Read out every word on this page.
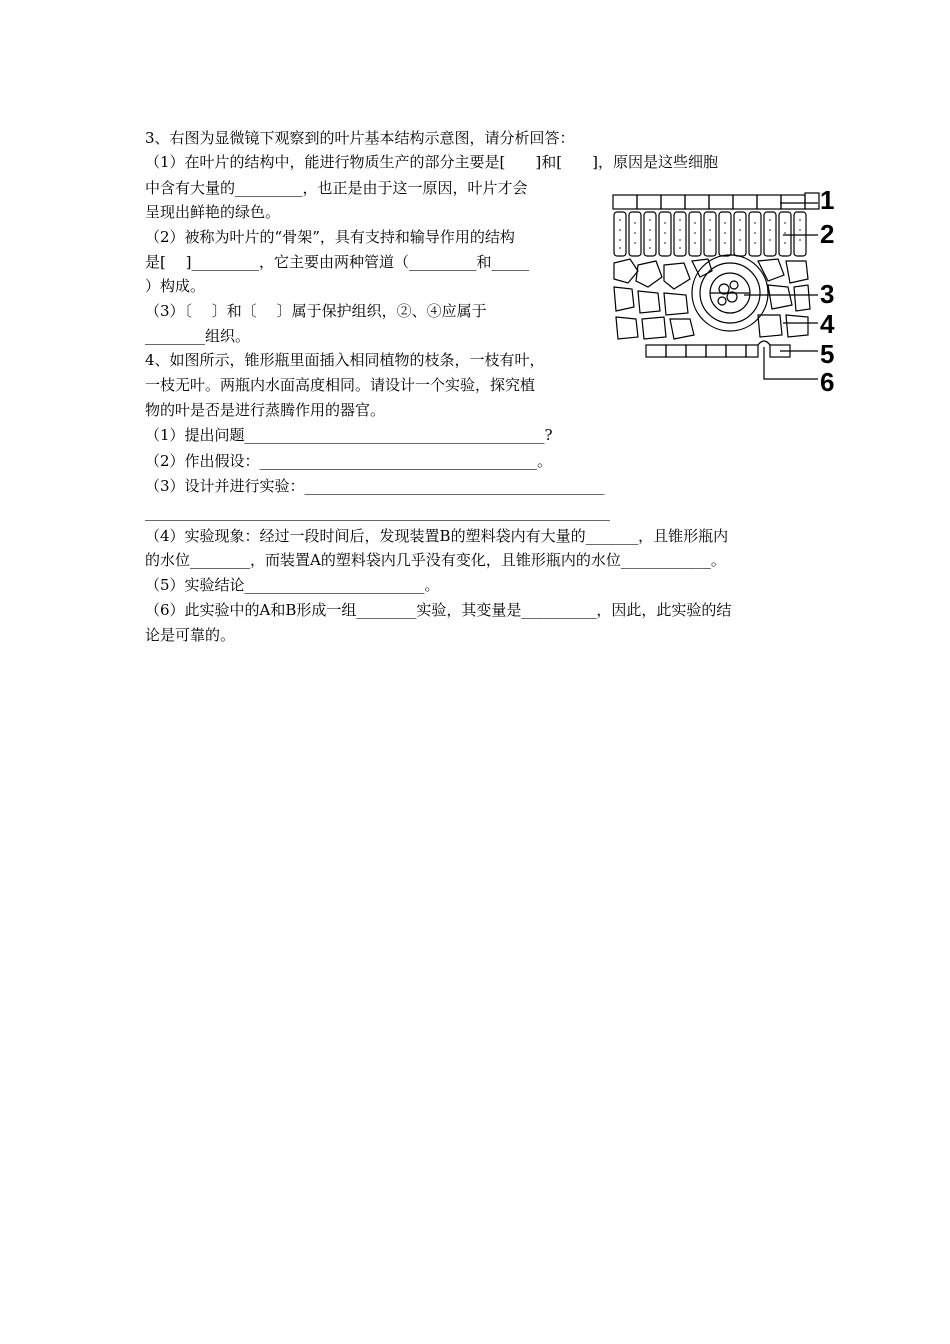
3、右图为显微镜下观察到的叶片基本结构示意图，请分析回答：
（1）在叶片的结构中，能进行物质生产的部分主要是[　　]和[　　]，原因是这些细胞
中含有大量的_________，也正是由于这一原因，叶片才会
呈现出鲜艳的绿色。
（2）被称为叶片的“骨架”，具有支持和输导作用的结构
是[　 ]_________，它主要由两种管道（_________和_____
）构成。
（3）〔　 〕和〔　 〕属于保护组织，②、④应属于
________组织。
4、如图所示，锥形瓶里面插入相同植物的枝条，一枝有叶，
一枝无叶。两瓶内水面高度相同。请设计一个实验，探究植
物的叶是否是进行蒸腾作用的器官。
（1）提出问题________________________________________?
（2）作出假设：_____________________________________。
（3）设计并进行实验：________________________________________
______________________________________________________________
（4）实验现象：经过一段时间后，发现装置B的塑料袋内有大量的_______，且锥形瓶内
的水位________，而装置A的塑料袋内几乎没有变化，且锥形瓶内的水位____________。
（5）实验结论________________________。
（6）此实验中的A和B形成一组________实验，其变量是__________，因此，此实验的结
论是可靠的。
1
2
3
4
5
6
